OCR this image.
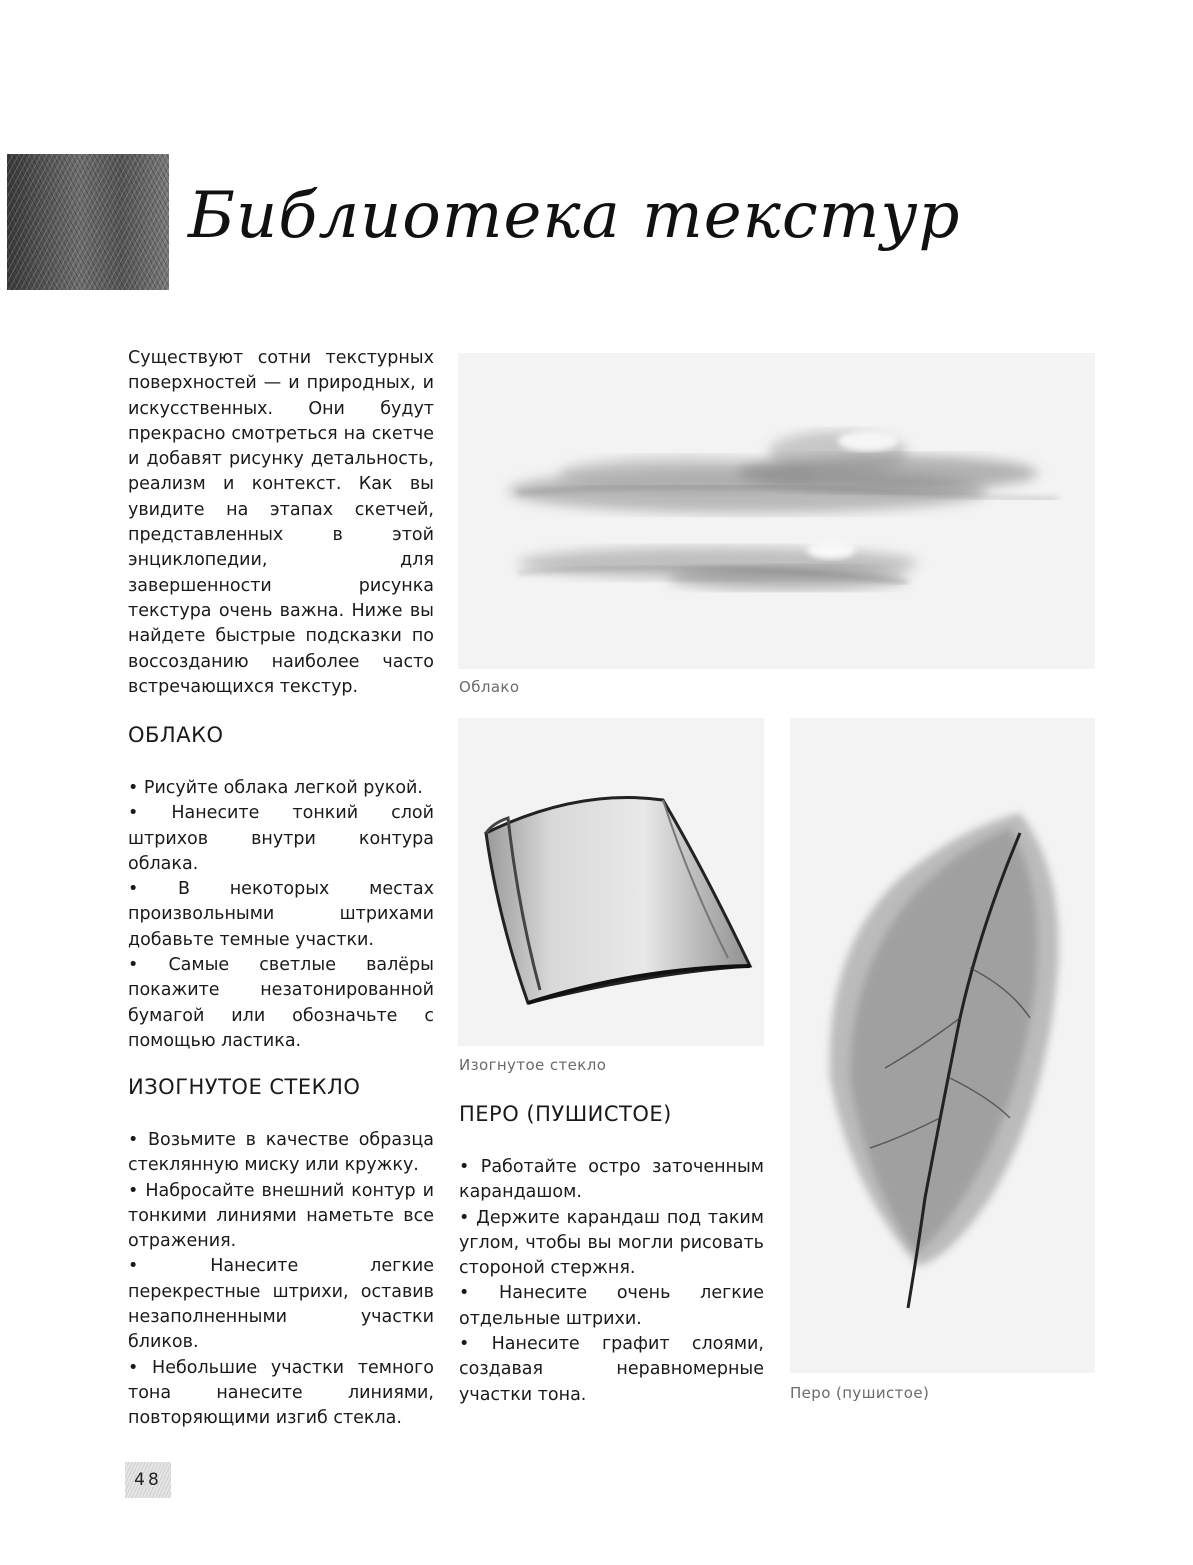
Библиотека текстур

Существуют сотни текстурных поверхностей — и природных, и искусственных. Они будут прекрасно смотреться на скетче и добавят рисунку детальность, реализм и контекст. Как вы увидите на этапах скетчей, представленных в этой энциклопедии, для завершенности рисунка текстура очень важна. Ниже вы найдете быстрые подсказки по воссозданию наиболее часто встречающихся текстур.	Облако

ОБЛАКО
• Рисуйте облака легкой рукой.
• Нанесите тонкий слой штрихов внутри контура облака.
• В некоторых местах произвольными штрихами добавьте темные участки.
• Самые светлые валёры покажите незатонированной бумагой или обозначьте с помощью ластика.

Изогнутое стекло

ИЗОГНУТОЕ СТЕКЛО
• Возьмите в качестве образца стеклянную миску или кружку.
• Набросайте внешний контур и тонкими линиями наметьте все отражения.
• Нанесите легкие перекрестные штрихи, оставив незаполненными участки бликов.
• Небольшие участки темного тона нанесите линиями, повторяющими изгиб стекла.
ПЕРО (ПУШИСТОЕ)
• Работайте остро заточенным карандашом.
• Держите карандаш под таким углом, чтобы вы могли рисовать стороной стержня.
• Нанесите очень легкие отдельные штрихи.
• Нанесите графит слоями, создавая неравномерные участки тона.	Перо (пушистое)

48
